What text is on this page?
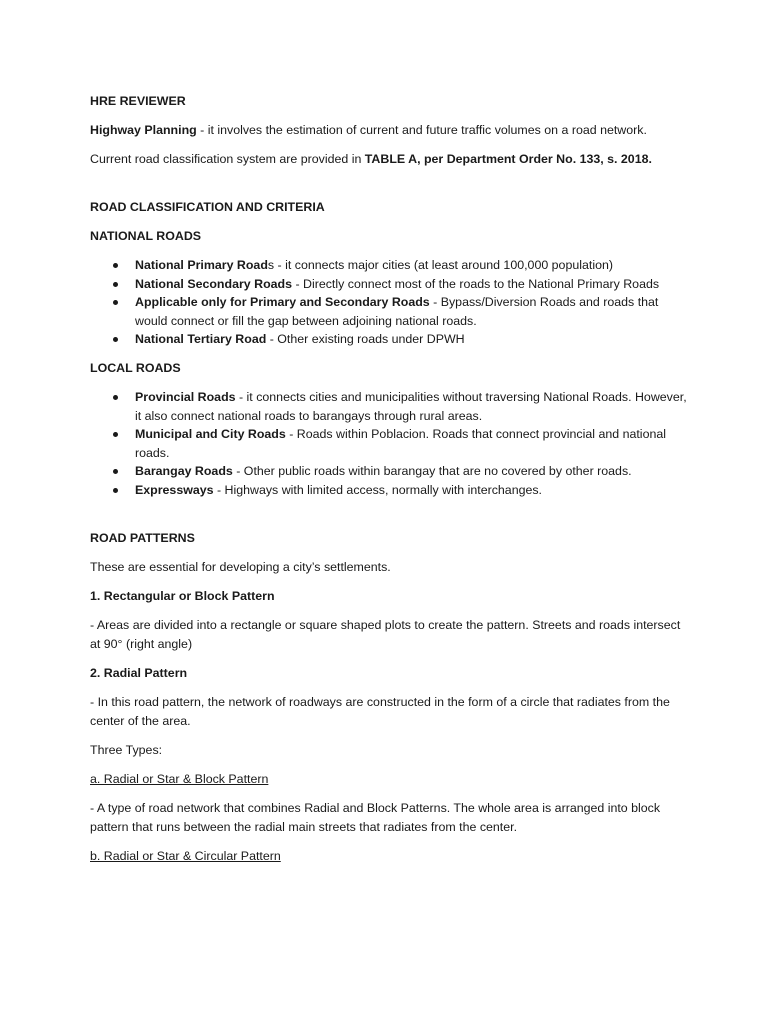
HRE REVIEWER

Highway Planning - it involves the estimation of current and future traffic volumes on a road network.

Current road classification system are provided in TABLE A, per Department Order No. 133, s. 2018.

ROAD CLASSIFICATION AND CRITERIA

NATIONAL ROADS

National Primary Roads - it connects major cities (at least around 100,000 population)
National Secondary Roads - Directly connect most of the roads to the National Primary Roads
Applicable only for Primary and Secondary Roads - Bypass/Diversion Roads and roads that would connect or fill the gap between adjoining national roads.
National Tertiary Road - Other existing roads under DPWH

LOCAL ROADS

Provincial Roads - it connects cities and municipalities without traversing National Roads. However, it also connect national roads to barangays through rural areas.
Municipal and City Roads - Roads within Poblacion. Roads that connect provincial and national roads.
Barangay Roads - Other public roads within barangay that are no covered by other roads.
Expressways - Highways with limited access, normally with interchanges.

ROAD PATTERNS

These are essential for developing a city’s settlements.

1. Rectangular or Block Pattern

- Areas are divided into a rectangle or square shaped plots to create the pattern. Streets and roads intersect at 90° (right angle)

2. Radial Pattern

- In this road pattern, the network of roadways are constructed in the form of a circle that radiates from the center of the area.

Three Types:

a. Radial or Star & Block Pattern

- A type of road network that combines Radial and Block Patterns. The whole area is arranged into block pattern that runs between the radial main streets that radiates from the center.

b. Radial or Star & Circular Pattern
